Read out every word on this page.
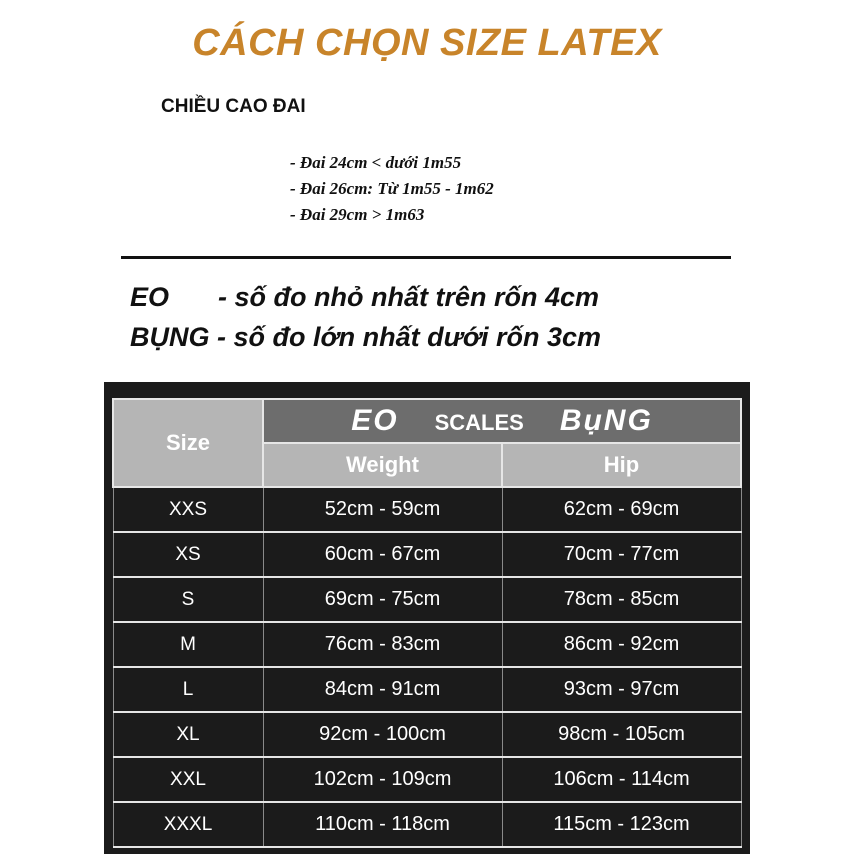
CÁCH CHỌN SIZE LATEX
CHIỀU CAO ĐAI
- Đai 24cm < dưới 1m55
- Đai 26cm: Từ 1m55 - 1m62
- Đai 29cm > 1m63
EO - số đo nhỏ nhất trên rốn 4cm
BỤNG - số đo lớn nhất dưới rốn 3cm
Size	EO SCALES BụNG	
	Weight	Hip
XXS	52cm - 59cm	62cm - 69cm
XS	60cm - 67cm	70cm - 77cm
S	69cm - 75cm	78cm - 85cm
M	76cm - 83cm	86cm - 92cm
L	84cm - 91cm	93cm - 97cm
XL	92cm - 100cm	98cm - 105cm
XXL	102cm - 109cm	106cm - 114cm
XXXL	110cm - 118cm	115cm - 123cm
